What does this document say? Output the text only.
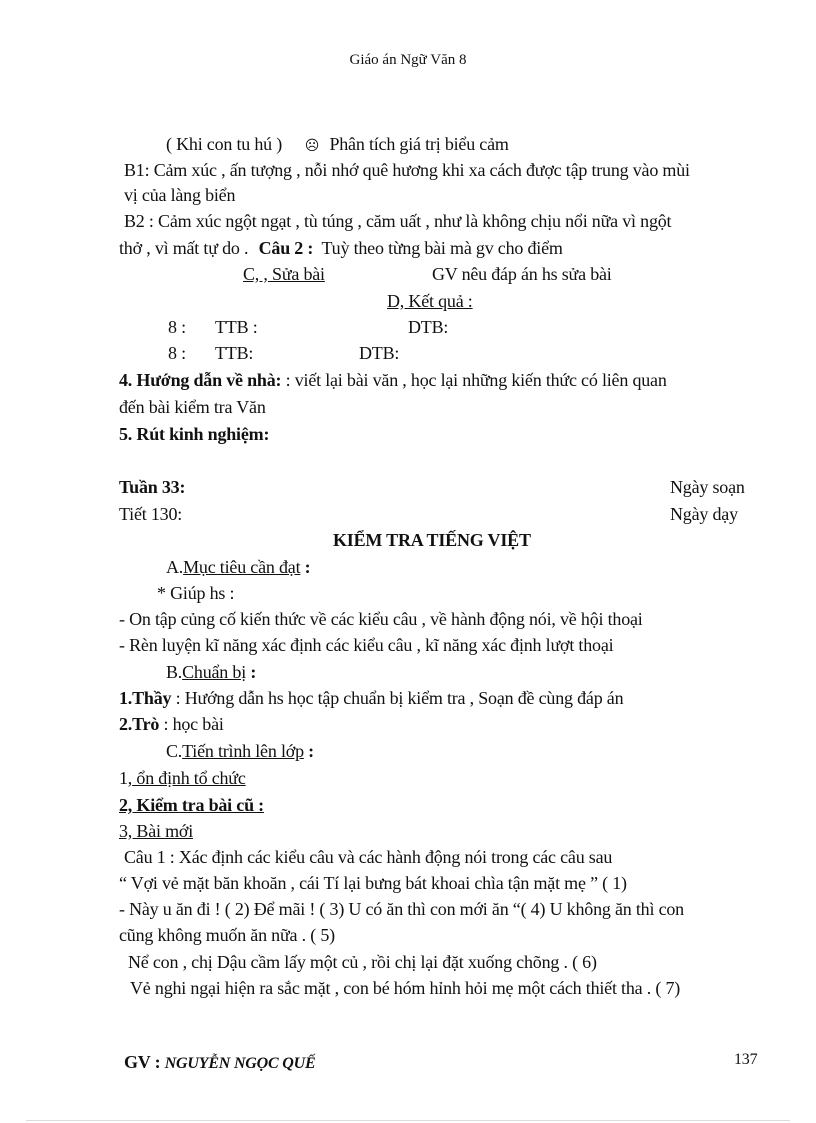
Giáo án Ngữ Văn 8
( Khi con tu hú ) ☹ Phân tích giá trị biểu cảm
B1: Cảm xúc , ấn tượng , nỗi nhớ quê hương khi xa cách được tập trung vào mùi
vị của làng biển
B2 : Cảm xúc ngột ngạt , tù túng , căm uất , như là không chịu nổi nữa vì ngột
thở , vì mất tự do . Câu 2 : Tuỳ theo từng bài mà gv cho điểm
C, , Sửa bài	GV nêu đáp án hs sửa bài
D, Kết quả :
8 : TTB :	DTB:
8 : TTB:	DTB:
4. Hướng dẫn về nhà: : viết lại bài văn , học lại những kiến thức có liên quan
đến bài kiểm tra Văn
5. Rút kinh nghiệm:
Tuần 33:	Ngày soạn
Tiết 130:	Ngày dạy
KIỂM TRA TIẾNG VIỆT
A.Mục tiêu cần đạt :
* Giúp hs :
- On tập củng cố kiến thức về các kiểu câu , về hành động nói, về hội thoại
- Rèn luyện kĩ năng xác định các kiểu câu , kĩ năng xác định lượt thoại
B.Chuẩn bị :
1.Thầy : Hướng dẫn hs học tập chuẩn bị kiểm tra , Soạn đề cùng đáp án
2.Trò : học bài
C.Tiến trình lên lớp :
1, ổn định tổ chức
2, Kiểm tra bài cũ :
3, Bài mới
Câu 1 : Xác định các kiểu câu và các hành động nói trong các câu sau
“ Vợi vẻ mặt băn khoăn , cái Tí lại bưng bát khoai chìa tận mặt mẹ ” ( 1)
- Này u ăn đi ! ( 2) Để mãi ! ( 3) U có ăn thì con mới ăn “( 4) U không ăn thì con
cũng không muốn ăn nữa . ( 5)
Nể con , chị Dậu cầm lấy một củ , rồi chị lại đặt xuống chõng . ( 6)
Vẻ nghi ngại hiện ra sắc mặt , con bé hóm hỉnh hỏi mẹ một cách thiết tha . ( 7)
GV : NGUYỄN NGỌC QUẾ	137
